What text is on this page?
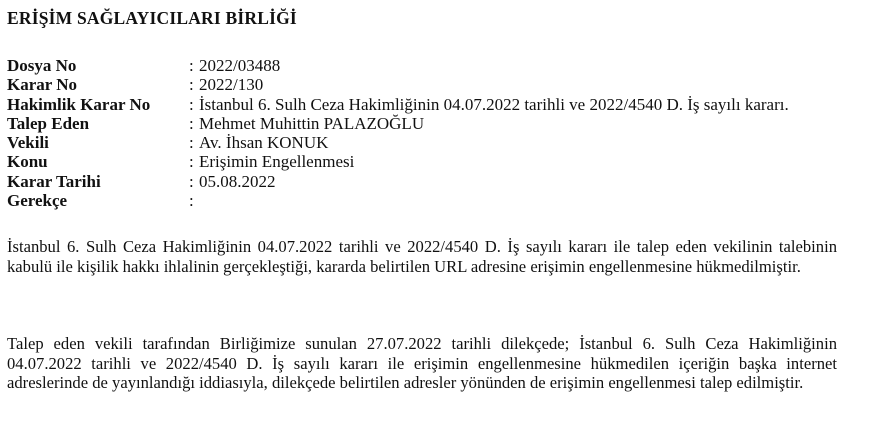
ERİŞİM SAĞLAYICILARI BİRLİĞİ
Dosya No	: 2022/03488
Karar No	: 2022/130
Hakimlik Karar No	: İstanbul 6. Sulh Ceza Hakimliğinin 04.07.2022 tarihli ve 2022/4540 D. İş sayılı kararı.
Talep Eden	: Mehmet Muhittin PALAZOĞLU
Vekili	: Av. İhsan KONUK
Konu	: Erişimin Engellenmesi
Karar Tarihi	: 05.08.2022
Gerekçe	:

İstanbul 6. Sulh Ceza Hakimliğinin 04.07.2022 tarihli ve 2022/4540 D. İş sayılı kararı ile talep eden vekilinin talebinin kabulü ile kişilik hakkı ihlalinin gerçekleştiği, kararda belirtilen URL adresine erişimin engellenmesine hükmedilmiştir.

Talep eden vekili tarafından Birliğimize sunulan 27.07.2022 tarihli dilekçede; İstanbul 6. Sulh Ceza Hakimliğinin 04.07.2022 tarihli ve 2022/4540 D. İş sayılı kararı ile erişimin engellenmesine hükmedilen içeriğin başka internet adreslerinde de yayınlandığı iddiasıyla, dilekçede belirtilen adresler yönünden de erişimin engellenmesi talep edilmiştir.
